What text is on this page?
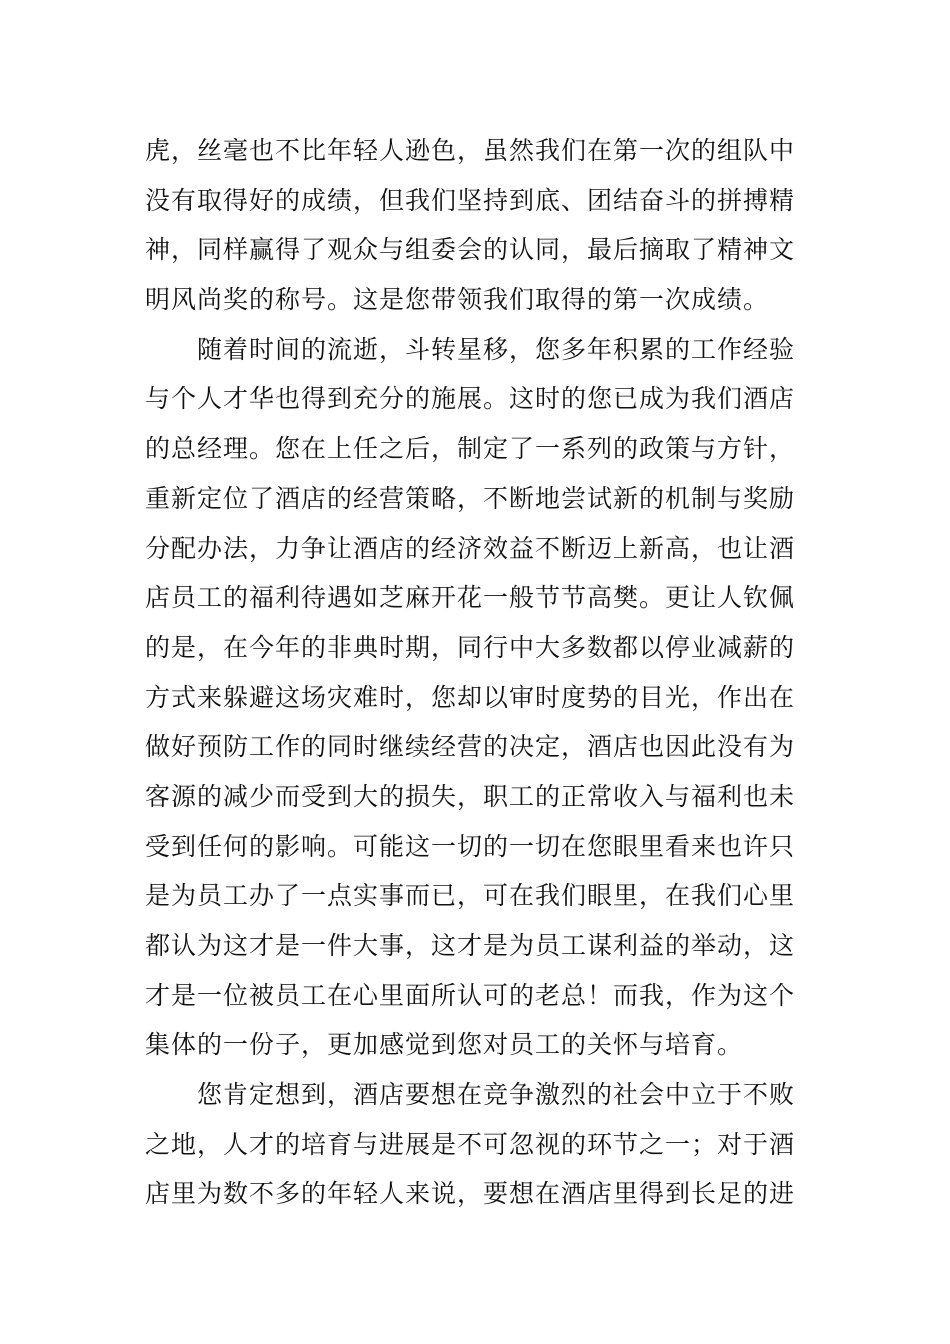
虎，丝毫也不比年轻人逊色，虽然我们在第一次的组队中
没有取得好的成绩，但我们坚持到底、团结奋斗的拼搏精
神，同样赢得了观众与组委会的认同，最后摘取了精神文
明风尚奖的称号。这是您带领我们取得的第一次成绩。
随着时间的流逝，斗转星移，您多年积累的工作经验
与个人才华也得到充分的施展。这时的您已成为我们酒店
的总经理。您在上任之后，制定了一系列的政策与方针，
重新定位了酒店的经营策略，不断地尝试新的机制与奖励
分配办法，力争让酒店的经济效益不断迈上新高，也让酒
店员工的福利待遇如芝麻开花一般节节高樊。更让人钦佩
的是，在今年的非典时期，同行中大多数都以停业减薪的
方式来躲避这场灾难时，您却以审时度势的目光，作出在
做好预防工作的同时继续经营的决定，酒店也因此没有为
客源的减少而受到大的损失，职工的正常收入与福利也未
受到任何的影响。可能这一切的一切在您眼里看来也许只
是为员工办了一点实事而已，可在我们眼里，在我们心里
都认为这才是一件大事，这才是为员工谋利益的举动，这
才是一位被员工在心里面所认可的老总！而我，作为这个
集体的一份子，更加感觉到您对员工的关怀与培育。
您肯定想到，酒店要想在竞争激烈的社会中立于不败
之地，人才的培育与进展是不可忽视的环节之一；对于酒
店里为数不多的年轻人来说，要想在酒店里得到长足的进
